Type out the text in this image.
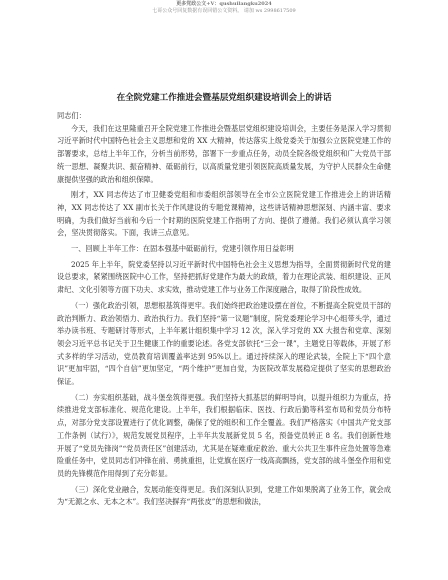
更多党政公文+V：qushuilangku2024
七哥公众号回复数据有误回错公文资料。 请加 ws 2998617509
在全院党建工作推进会暨基层党组织建设培训会上的讲话

同志们：

今天，我们在这里隆重召开全院党建工作推进会暨基层党组织建设培训会，主要任务是深入学习贯彻习近平新时代中国特色社会主义思想和党的 XX 大精神，传达落实上级党委关于加强公立医院党建工作的部署要求，总结上半年工作，分析当前形势，部署下一步重点任务，动员全院各级党组织和广大党员干部统一思想、凝聚共识、振奋精神、砥砺前行，以高质量党建引领医院高质量发展，为守护人民群众生命健康提供坚强的政治和组织保障。

刚才，XX 同志传达了市卫健委党组和市委组织部领导在全市公立医院党建工作推进会上的讲话精神，XX 同志传达了 XX 副市长关于作风建设的专题党课精神，这些讲话精神思想深刻、内涵丰富、要求明确，为我们做好当前和今后一个时期的医院党建工作指明了方向、提供了遵循。我们必须认真学习领会，坚决贯彻落实。下面，我讲三点意见。

一、回顾上半年工作：在固本强基中砥砺前行，党建引领作用日益彰明

2025 年上半年，院党委坚持以习近平新时代中国特色社会主义思想为指导，全面贯彻新时代党的建设总要求，紧紧围绕医院中心工作，坚持把抓好党建作为最大的政绩，着力在理论武装、组织建设、正风肃纪、文化引领等方面下功夫、求实效，推动党建工作与业务工作深度融合，取得了阶段性成效。

（一）强化政治引领，思想根基筑得更牢。我们始终把政治建设摆在首位，不断提高全院党员干部的政治判断力、政治领悟力、政治执行力。我们坚持“第一议题”制度，院党委理论学习中心组带头学，通过举办读书班、专题研讨等形式，上半年累计组织集中学习 12 次，深入学习党的 XX 大报告和党章、深刻领会习近平总书记关于卫生健康工作的重要论述。各党支部依托“三会一课”，主题党日等载体，开展了形式多样的学习活动，党员教育培训覆盖率达到 95%以上。通过持续深入的理论武装，全院上下“四个意识”更加牢固，“四个自信”更加坚定，“两个维护”更加自觉，为医院改革发展稳定提供了坚实的思想政治保证。

（二）夯实组织基础，战斗堡垒筑得更强。我们坚持大抓基层的鲜明导向，以提升组织力为重点，持续推进党支部标准化、规范化建设。上半年，我们根据临床、医技、行政后勤等科室布局和党员分布特点，对部分党支部设置进行了优化调整，确保了党的组织和工作全覆盖。我们严格落实《中国共产党支部工作条例（试行）》，规范发展党员程序，上半年共发展新党员 5 名，预备党员转正 8 名。我们创新性地开展了“党员先锋岗”“党员责任区”创建活动，尤其是在疑难重症救治、重大公共卫生事件应急处置等急难险重任务中，党员同志们冲锋在前、勇挑重担，让党旗在医疗一线高高飘扬，党支部的战斗堡垒作用和党员的先锋模范作用得到了充分彰显。

（三）深化党业融合，发展动能变得更足。我们深刻认识到，党建工作如果脱离了业务工作，就会成为“无源之水、无本之木”。我们坚决摒弃“两张皮”的思想和做法，
